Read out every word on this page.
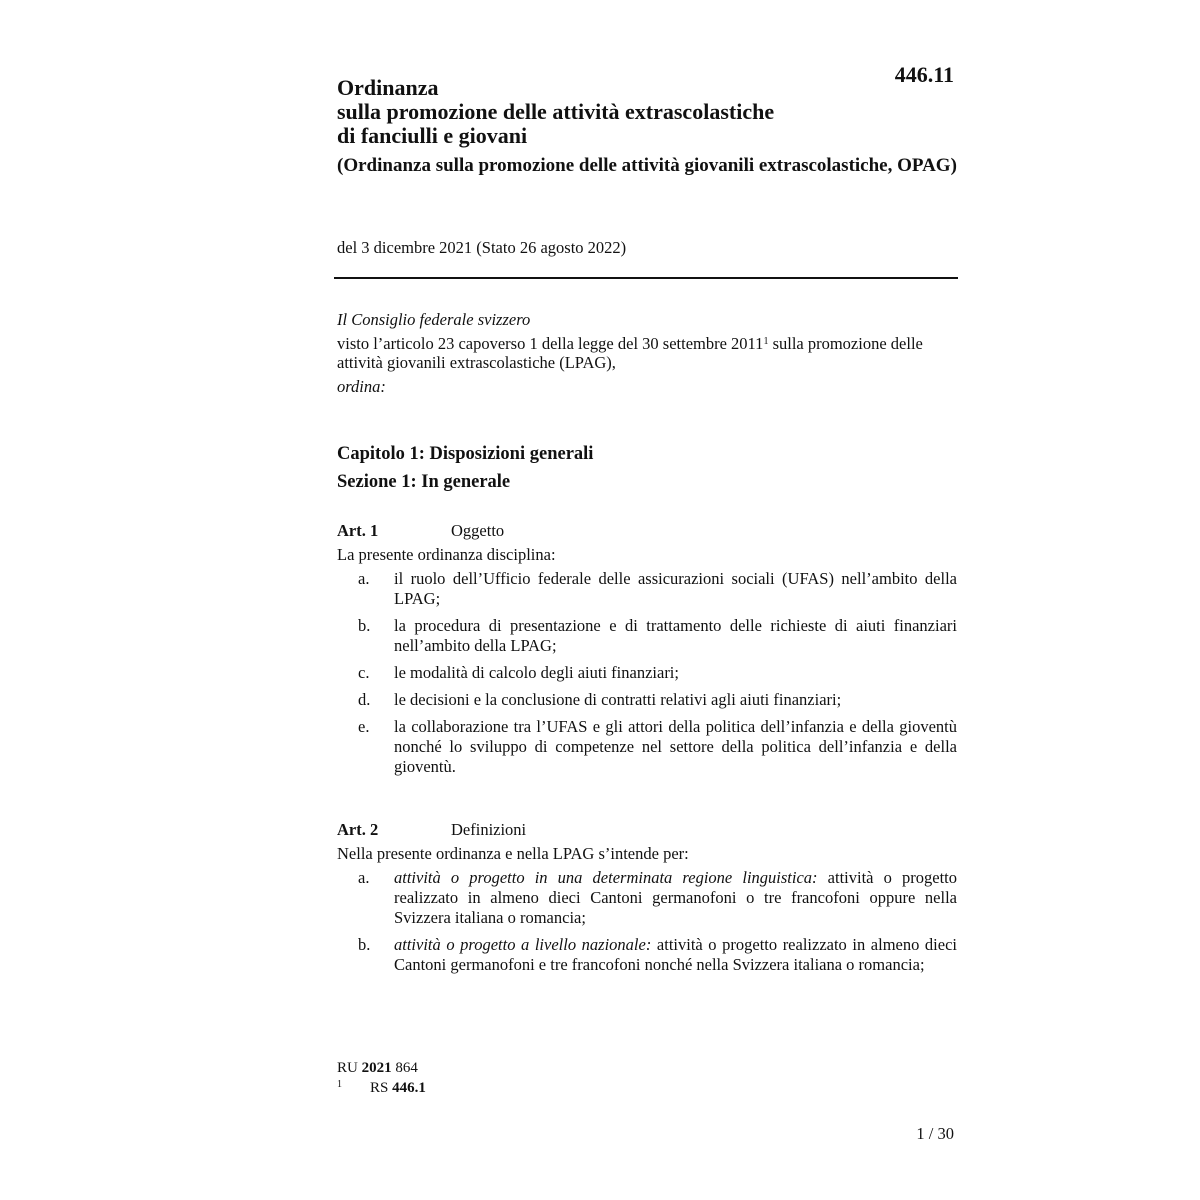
446.11
Ordinanza
sulla promozione delle attività extrascolastiche
di fanciulli e giovani
(Ordinanza sulla promozione delle attività giovanili extrascolastiche, OPAG)
del 3 dicembre 2021 (Stato 26 agosto 2022)

Il Consiglio federale svizzero

visto l’articolo 23 capoverso 1 della legge del 30 settembre 2011$^1$ sulla promozione delle attività giovanili extrascolastiche (LPAG),

ordina:

Capitolo 1: Disposizioni generali
Sezione 1: In generale
Art. 1	Oggetto
La presente ordinanza disciplina:
a.	il ruolo dell’Ufficio federale delle assicurazioni sociali (UFAS) nell’ambito della LPAG;
b.	la procedura di presentazione e di trattamento delle richieste di aiuti finanziari nell’ambito della LPAG;
c.	le modalità di calcolo degli aiuti finanziari;
d.	le decisioni e la conclusione di contratti relativi agli aiuti finanziari;
e.	la collaborazione tra l’UFAS e gli attori della politica dell’infanzia e della gioventù nonché lo sviluppo di competenze nel settore della politica dell’infanzia e della gioventù.
Art. 2	Definizioni
Nella presente ordinanza e nella LPAG s’intende per:
a.	attività o progetto in una determinata regione linguistica: attività o progetto realizzato in almeno dieci Cantoni germanofoni o tre francofoni oppure nella Svizzera italiana o romancia;
b.	attività o progetto a livello nazionale: attività o progetto realizzato in almeno dieci Cantoni germanofoni e tre francofoni nonché nella Svizzera italiana o romancia;
RU 2021 864
1	RS 446.1
1 / 30
